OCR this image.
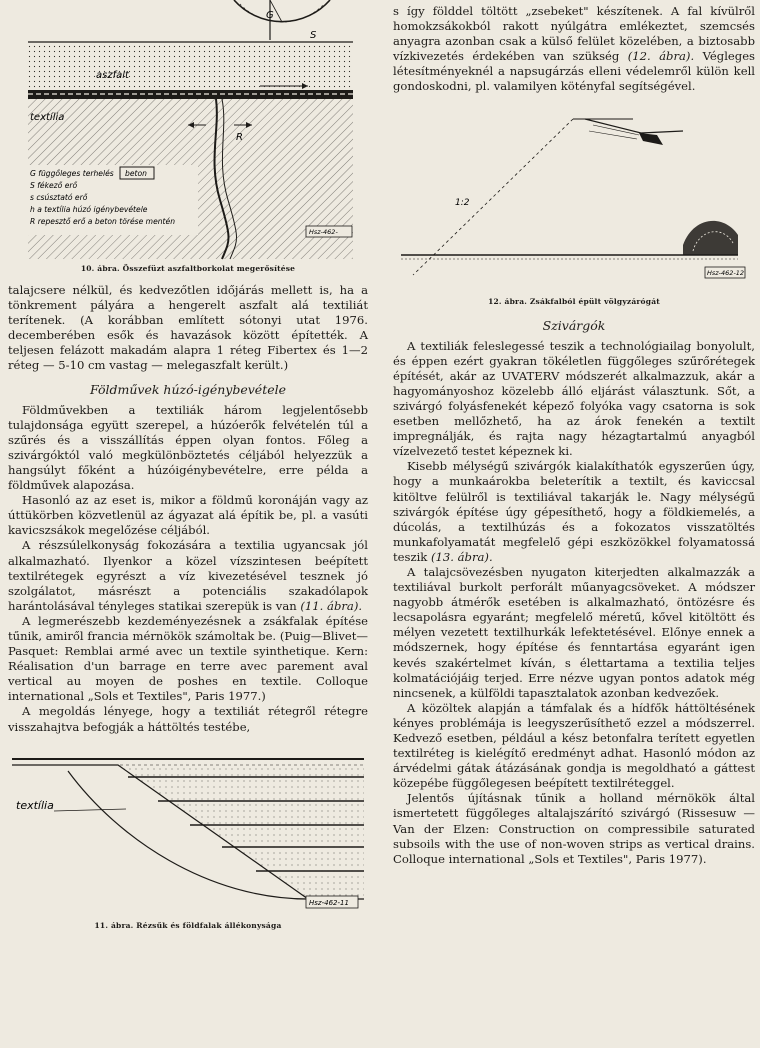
G
S
aszfalt
textília
R
G függőleges terhelés beton
S fékező erő
s csúsztató erő
h a textília húzó igénybevétele
R repesztő erő a beton törése mentén
Hsz-462-
10. ábra. Összefüzt aszfaltborkolat megerősítése

talajcsere nélkül, és kedvezőtlen időjárás mellett is, ha a tönkrement pályára a hengerelt aszfalt alá textiliát terítenek. (A korábban említett sótonyi utat 1976. decemberében esők és havazások között építették. A teljesen felázott makadám alapra 1 réteg Fibertex és 1—2 réteg — 5-10 cm vastag — melegaszfalt került.)

Földművek húzó-igénybevétele

Földművekben a textiliák három legjelentősebb tulajdonsága együtt szerepel, a húzóerők felvételén túl a szűrés és a visszállítás éppen olyan fontos. Főleg a szivárgóktól való megkülönböztetés céljából helyezzük a hangsúlyt főként a húzóigénybevételre, erre példa a földművek alapozása.

Hasonló az az eset is, mikor a földmű koronáján vagy az úttükörben közvetlenül az ágyazat alá építik be, pl. a vasúti kavicszsákok megelőzése céljából.

A részsúlelkonyság fokozására a textilia ugyancsak jól alkalmazható. Ilyenkor a közel vízszintesen beépített textilrétegek egyrészt a víz kivezetésével tesznek jó szolgálatot, másrészt a potenciális szakadólapok harántolásával tényleges statikai szerepük is van (11. ábra).

A legmerészebb kezdeményezésnek a zsákfalak építése tűnik, amiről francia mérnökök számoltak be. (Puig—Blivet—Pasquet: Remblai armé avec un textile syinthetique. Kern: Réalisation d'un barrage en terre avec parement aval vertical au moyen de poshes en textile. Colloque international „Sols et Textiles", Paris 1977.)

A megoldás lényege, hogy a textiliát rétegről rétegre visszahajtva befogják a háttöltés testébe,

textília
Hsz-462-11
11. ábra. Rézsűk és földfalak állékonysága

s így földdel töltött „zsebeket" készítenek. A fal kívülről homokzsákokból rakott nyúlgátra emlékeztet, szemcsés anyagra azonban csak a külső felület közelében, a biztosabb vízkivezetés érdekében van szükség (12. ábra). Végleges létesítményeknél a napsugárzás elleni védelemről külön kell gondoskodni, pl. valamilyen kötényfal segítségével.

1:2
Hsz-462-12
12. ábra. Zsákfalból épült völgyzárógát
Szivárgók

A textiliák feleslegessé teszik a technológiailag bonyolult, és éppen ezért gyakran tökéletlen függőleges szűrőrétegek építését, akár az UVATERV módszerét alkalmazzuk, akár a hagyományoshoz közelebb álló eljárást választunk. Sőt, a szivárgó folyásfenekét képező folyóka vagy csatorna is sok esetben mellőzhető, ha az árok fenekén a textilt impregnálják, és rajta nagy hézagtartalmú anyagból vízelvezető testet képeznek ki.

Kisebb mélységű szivárgók kialakíthatók egyszerűen úgy, hogy a munkaárokba beleterítik a textilt, és kaviccsal kitöltve felülről is textiliával takarják le. Nagy mélységű szivárgók építése úgy gépesíthető, hogy a földkiemelés, a dúcolás, a textilhúzás és a fokozatos visszatöltés munkafolyamatát megfelelő gépi eszközökkel folyamatossá teszik (13. ábra).

A talajcsövezésben nyugaton kiterjedten alkalmazzák a textiliával burkolt perforált műanyagcsöveket. A módszer nagyobb átmérők esetében is alkalmazható, öntözésre és lecsapolásra egyaránt; megfelelő méretű, kővel kitöltött és mélyen vezetett textilhurkák lefektetésével. Előnye ennek a módszernek, hogy építése és fenntartása egyaránt igen kevés szakértelmet kíván, s élettartama a textilia teljes kolmatációjáig terjed. Erre nézve ugyan pontos adatok még nincsenek, a külföldi tapasztalatok azonban kedvezőek.

A közöltek alapján a támfalak és a hídfők háttöltésének kényes problémája is leegyszerűsíthető ezzel a módszerrel. Kedvező esetben, például a kész betonfalra terített egyetlen textilréteg is kielégítő eredményt adhat. Hasonló módon az árvédelmi gátak átázásának gondja is megoldható a gáttest közepébe függőlegesen beépített textilréteggel.

Jelentős újításnak tűnik a holland mérnökök által ismertetett függőleges altalajszárító szivárgó (Rissesuw — Van der Elzen: Construction on compressibile saturated subsoils with the use of non-woven strips as vertical drains. Colloque international „Sols et Textiles", Paris 1977).
